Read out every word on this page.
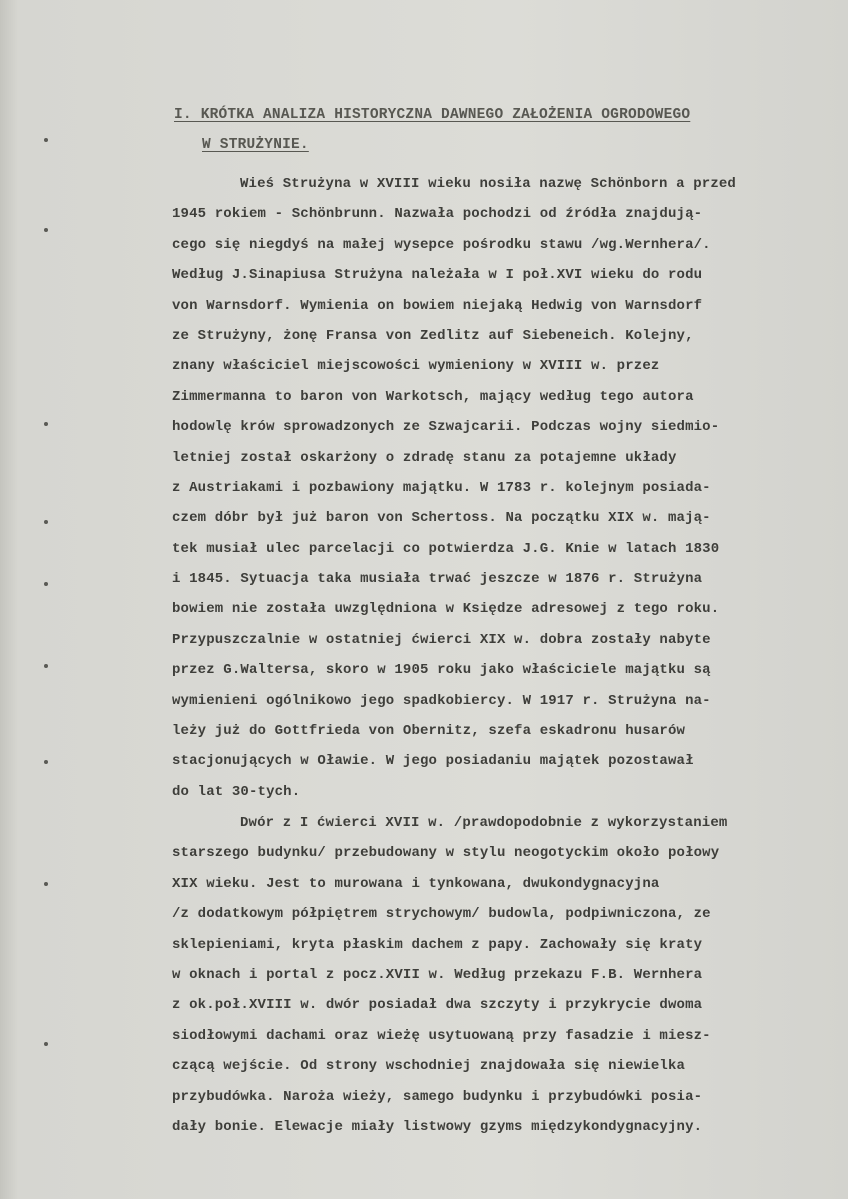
I. KRÓTKA ANALIZA HISTORYCZNA DAWNEGO ZAŁOŻENIA OGRODOWEGO
W STRUŻYNIE.
Wieś Strużyna w XVIII wieku nosiła nazwę Schönborn a przed
1945 rokiem - Schönbrunn. Nazwała pochodzi od źródła znajdują-
cego się niegdyś na małej wysepce pośrodku stawu /wg.Wernhera/.
Według J.Sinapiusa Strużyna należała w I poł.XVI wieku do rodu
von Warnsdorf. Wymienia on bowiem niejaką Hedwig von Warnsdorf
ze Strużyny, żonę Fransa von Zedlitz auf Siebeneich. Kolejny,
znany właściciel miejscowości wymieniony w XVIII w. przez
Zimmermanna to baron von Warkotsch, mający według tego autora
hodowlę krów sprowadzonych ze Szwajcarii. Podczas wojny siedmio-
letniej został oskarżony o zdradę stanu za potajemne układy
z Austriakami i pozbawiony majątku. W 1783 r. kolejnym posiada-
czem dóbr był już baron von Schertoss. Na początku XIX w. mają-
tek musiał ulec parcelacji co potwierdza J.G. Knie w latach 1830
i 1845. Sytuacja taka musiała trwać jeszcze w 1876 r. Strużyna
bowiem nie została uwzględniona w Księdze adresowej z tego roku.
Przypuszczalnie w ostatniej ćwierci XIX w. dobra zostały nabyte
przez G.Waltersa, skoro w 1905 roku jako właściciele majątku są
wymienieni ogólnikowo jego spadkobiercy. W 1917 r. Strużyna na-
leży już do Gottfrieda von Obernitz, szefa eskadronu husarów
stacjonujących w Oławie. W jego posiadaniu majątek pozostawał
do lat 30-tych.
Dwór z I ćwierci XVII w. /prawdopodobnie z wykorzystaniem
starszego budynku/ przebudowany w stylu neogotyckim około połowy
XIX wieku. Jest to murowana i tynkowana, dwukondygnacyjna
/z dodatkowym półpiętrem strychowym/ budowla, podpiwniczona, ze
sklepieniami, kryta płaskim dachem z papy. Zachowały się kraty
w oknach i portal z pocz.XVII w. Według przekazu F.B. Wernhera
z ok.poł.XVIII w. dwór posiadał dwa szczyty i przykrycie dwoma
siodłowymi dachami oraz wieżę usytuowaną przy fasadzie i miesz-
czącą wejście. Od strony wschodniej znajdowała się niewielka
przybudówka. Naroża wieży, samego budynku i przybudówki posia-
dały bonie. Elewacje miały listwowy gzyms międzykondygnacyjny.
